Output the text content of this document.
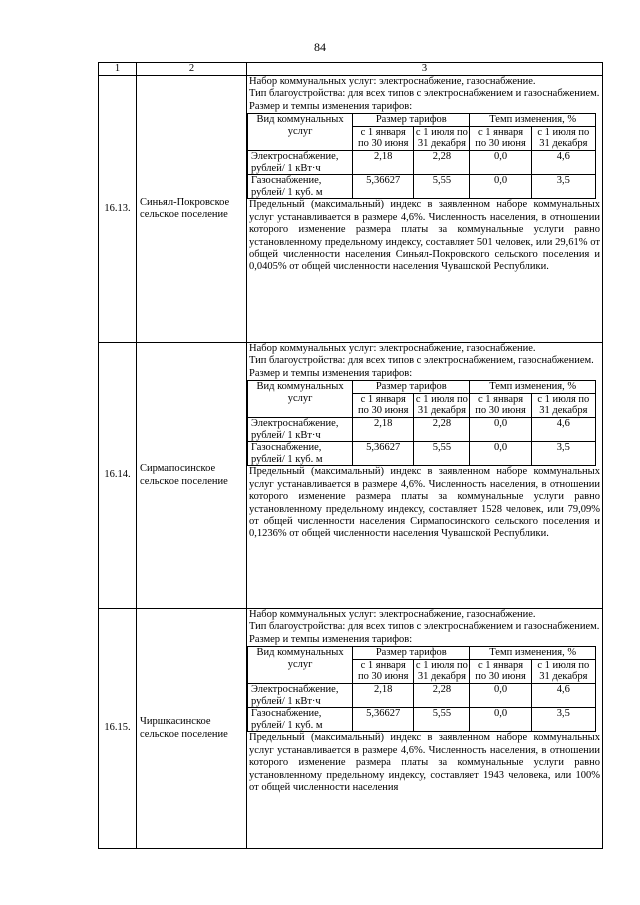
84
1	2	3
16.13.	Синьял-Покровское сельское поселение	
Набор коммунальных услуг: электроснабжение, газоснабжение.
Тип благоустройства: для всех типов с электроснабжением и газоснабжением.
Размер и темпы изменения тарифов:
Вид коммунальных услуг	Размер тарифов	Темп изменения, %
с 1 января по 30 июня	с 1 июля по 31 декабря	с 1 января по 30 июня	с 1 июля по 31 декабря
Электроснабжение, рублей/ 1 кВт·ч	2,18	2,28	0,0	4,6
Газоснабжение, рублей/ 1 куб. м	5,36627	5,55	0,0	3,5
Предельный (максимальный) индекс в заявленном наборе коммунальных услуг устанавливается в размере 4,6%. Численность населения, в отношении которого изменение размера платы за коммунальные услуги равно установленному предельному индексу, составляет 501 человек, или 29,61% от общей численности населения Синьял-Покровского сельского поселения и 0,0405% от общей численности населения Чувашской Республики.

16.14.	Сирмапосинское сельское поселение	
Набор коммунальных услуг: электроснабжение, газоснабжение.
Тип благоустройства: для всех типов с электроснабжением, газоснабжением.
Размер и темпы изменения тарифов:
Вид коммунальных услуг	Размер тарифов	Темп изменения, %
с 1 января по 30 июня	с 1 июля по 31 декабря	с 1 января по 30 июня	с 1 июля по 31 декабря
Электроснабжение, рублей/ 1 кВт·ч	2,18	2,28	0,0	4,6
Газоснабжение, рублей/ 1 куб. м	5,36627	5,55	0,0	3,5
Предельный (максимальный) индекс в заявленном наборе коммунальных услуг устанавливается в размере 4,6%. Численность населения, в отношении которого изменение размера платы за коммунальные услуги равно установленному предельному индексу, составляет 1528 человек, или 79,09% от общей численности населения Сирмапосинского сельского поселения и 0,1236% от общей численности населения Чувашской Республики.

16.15.	Чиршкасинское сельское поселение	
Набор коммунальных услуг: электроснабжение, газоснабжение.
Тип благоустройства: для всех типов с электроснабжением и газоснабжением.
Размер и темпы изменения тарифов:
Вид коммунальных услуг	Размер тарифов	Темп изменения, %
с 1 января по 30 июня	с 1 июля по 31 декабря	с 1 января по 30 июня	с 1 июля по 31 декабря
Электроснабжение, рублей/ 1 кВт·ч	2,18	2,28	0,0	4,6
Газоснабжение, рублей/ 1 куб. м	5,36627	5,55	0,0	3,5
Предельный (максимальный) индекс в заявленном наборе коммунальных услуг устанавливается в размере 4,6%. Численность населения, в отношении которого изменение размера платы за коммунальные услуги равно установленному предельному индексу, составляет 1943 человека, или 100% от общей численности населения
